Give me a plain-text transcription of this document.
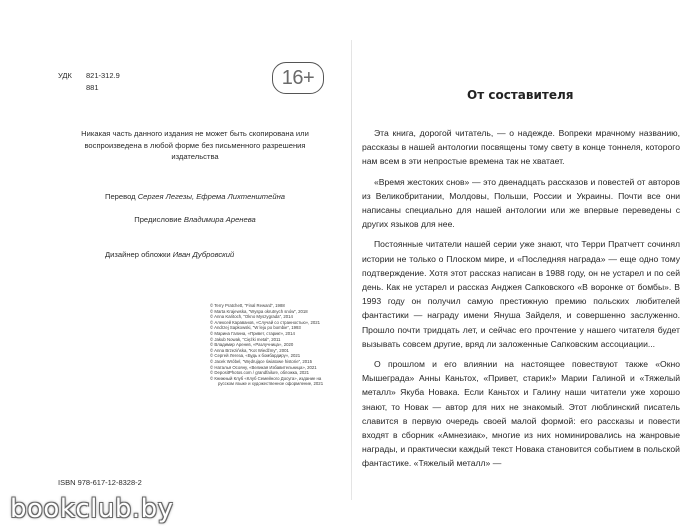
УДК	821-312.9
881	16+
Никакая часть данного издания не может быть скопирована или воспроизведена в любой форме без письменного разрешения издательства
Перевод Сергея Легезы, Ефрема Лихтенштейна
Предисловие Владимира Аренева
Дизайнер обложки Иван Дубровский
© Terry Pratchett, “Final Reward”, 1988
© Marta Krajewska, “Wyspa okrutnych snów”, 2018
© Anna Kańtoch, “Okno Myszygrada”, 2014
© Алексей Караванов, «Случай со странностью», 2021
© Andrzej Sapkowski, “W leju po bombie”, 1993
© Марина Галина, «Привет, старик!», 2014
© Jakub Nowak, “Ciężki metal”, 2011
© Владимир Аренев, «Разлучница», 2020
© Anna Brzezińska, “Kot Wiedźmy”, 2001
© Сергей Легеза, «Будь к бомбардиру», 2021
© Jacek Wróbel, “Wędrujące światowe historie”, 2015
© Наталья Осояну, «Великая Избавительница», 2021
© DepositPhotos.com / grandfailure, обложка, 2021
© Книжный Клуб «Клуб Семейного Досуга», издание на русском языке и художественное оформление, 2021
ISBN 978-617-12-8328-2
От составителя

Эта книга, дорогой читатель, — о надежде. Вопреки мрачному названию, рассказы в нашей антологии посвящены тому свету в конце тоннеля, которого нам всем в эти непростые времена так не хватает.

«Время жестоких снов» — это двенадцать рассказов и повестей от авторов из Великобритании, Молдовы, Польши, России и Украины. Почти все они написаны специально для нашей антологии или же впервые переведены с других языков для нее.

Постоянные читатели нашей серии уже знают, что Терри Пратчетт сочинял истории не только о Плоском мире, и «Последняя награда» — еще одно тому подтверждение. Хотя этот рассказ написан в 1988 году, он не устарел и по сей день. Как не устарел и рассказ Анджея Сапковского «В воронке от бомбы». В 1993 году он получил самую престижную премию польских любителей фантастики — награду имени Януша Зайделя, и совершенно заслуженно. Прошло почти тридцать лет, и сейчас его прочтение у нашего читателя будет вызывать совсем другие, вряд ли заложенные Сапковским ассоциации...

О прошлом и его влиянии на настоящее повествуют также «Окно Мышеграда» Анны Каньтох, «Привет, старик!» Марии Галиной и «Тяжелый металл» Якуба Новака. Если Каньтох и Галину наши читатели уже хорошо знают, то Новак — автор для них не знакомый. Этот люблинский писатель славится в первую очередь своей малой формой: его рассказы и повести входят в сборник «Амнезиак», многие из них номинировались на жанровые награды, и практически каждый текст Новака становится событием в польской фантастике. «Тяжелый металл» —

bookclub.by
